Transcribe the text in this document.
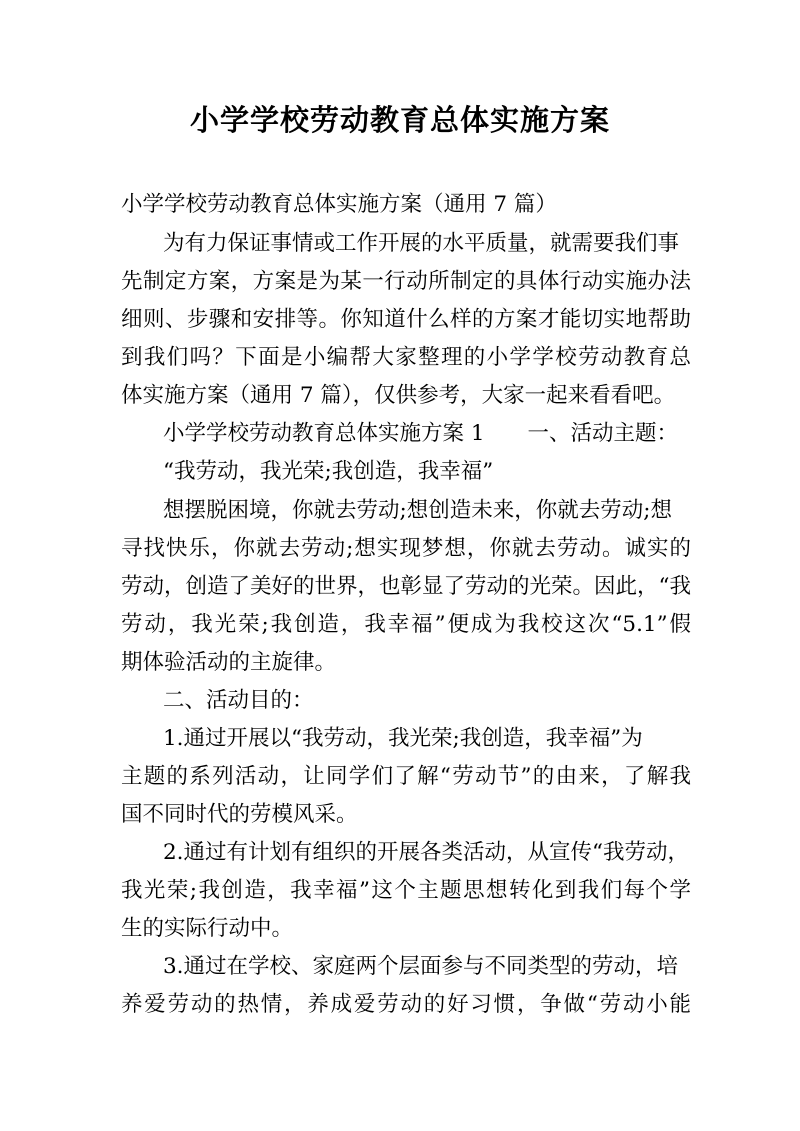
小学学校劳动教育总体实施方案
小学学校劳动教育总体实施方案（通用 7 篇）
为有力保证事情或工作开展的水平质量，就需要我们事
先制定方案，方案是为某一行动所制定的具体行动实施办法
细则、步骤和安排等。你知道什么样的方案才能切实地帮助
到我们吗？下面是小编帮大家整理的小学学校劳动教育总
体实施方案（通用 7 篇），仅供参考，大家一起来看看吧。
小学学校劳动教育总体实施方案 1　　一、活动主题：
“我劳动，我光荣;我创造，我幸福”
想摆脱困境，你就去劳动;想创造未来，你就去劳动;想
寻找快乐，你就去劳动;想实现梦想，你就去劳动。诚实的
劳动，创造了美好的世界，也彰显了劳动的光荣。因此，“我
劳动，我光荣;我创造，我幸福”便成为我校这次“5.1”假
期体验活动的主旋律。
二、活动目的：
1.通过开展以“我劳动，我光荣;我创造，我幸福”为
主题的系列活动，让同学们了解“劳动节”的由来，了解我
国不同时代的劳模风采。
2.通过有计划有组织的开展各类活动，从宣传“我劳动，
我光荣;我创造，我幸福”这个主题思想转化到我们每个学
生的实际行动中。
3.通过在学校、家庭两个层面参与不同类型的劳动，培
养爱劳动的热情，养成爱劳动的好习惯，争做“劳动小能
